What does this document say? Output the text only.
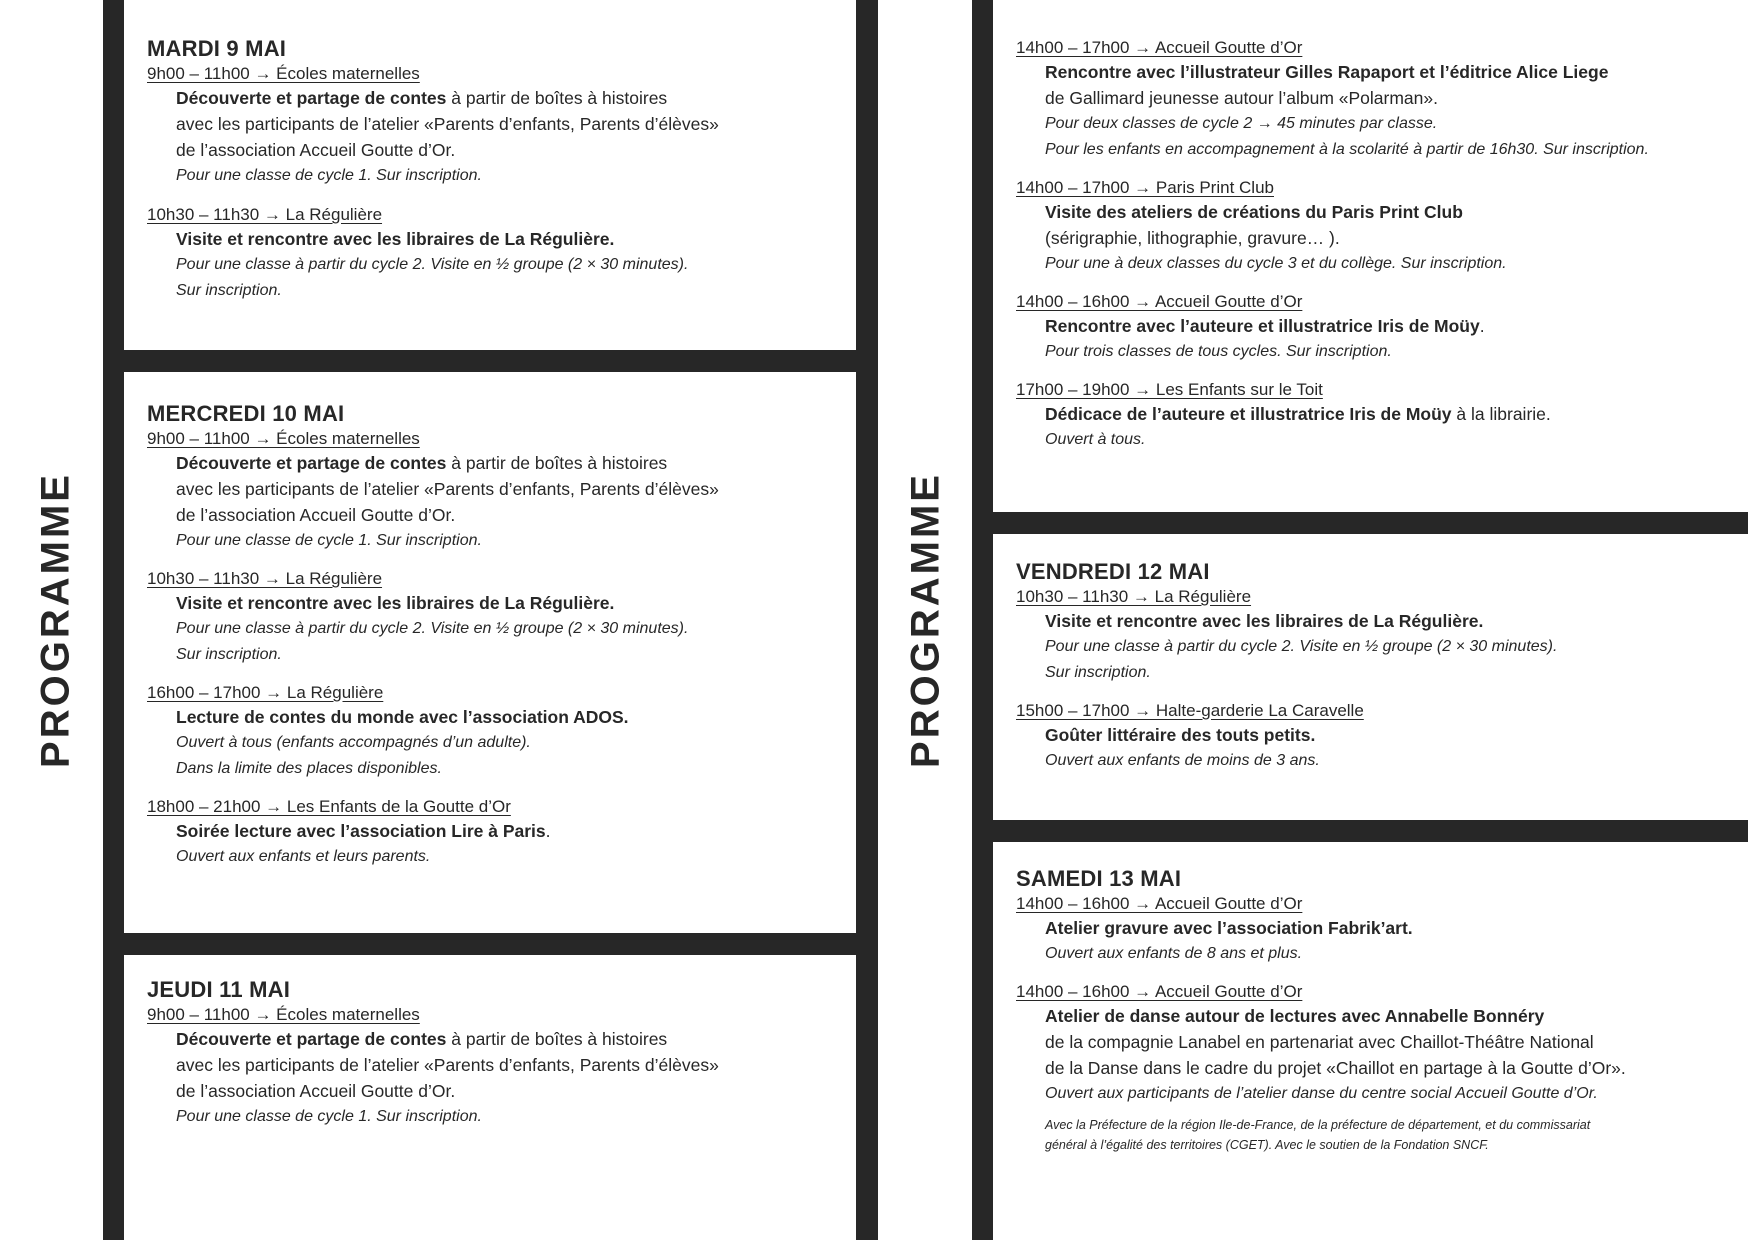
PROGRAMME	PROGRAMME
MARDI 9 MAI
9h00 – 11h00 → Écoles maternelles
Découverte et partage de contes à partir de boîtes à histoires
avec les participants de l’atelier «Parents d’enfants, Parents d’élèves»
de l’association Accueil Goutte d’Or.
Pour une classe de cycle 1. Sur inscription.
10h30 – 11h30 → La Régulière
Visite et rencontre avec les libraires de La Régulière.
Pour une classe à partir du cycle 2. Visite en ½ groupe (2 × 30 minutes).
Sur inscription.
MERCREDI 10 MAI
9h00 – 11h00 → Écoles maternelles
Découverte et partage de contes à partir de boîtes à histoires
avec les participants de l’atelier «Parents d’enfants, Parents d’élèves»
de l’association Accueil Goutte d’Or.
Pour une classe de cycle 1. Sur inscription.
10h30 – 11h30 → La Régulière
Visite et rencontre avec les libraires de La Régulière.
Pour une classe à partir du cycle 2. Visite en ½ groupe (2 × 30 minutes).
Sur inscription.
16h00 – 17h00 → La Régulière
Lecture de contes du monde avec l’association ADOS.
Ouvert à tous (enfants accompagnés d’un adulte).
Dans la limite des places disponibles.
18h00 – 21h00 → Les Enfants de la Goutte d’Or
Soirée lecture avec l’association Lire à Paris.
Ouvert aux enfants et leurs parents.
JEUDI 11 MAI
9h00 – 11h00 → Écoles maternelles
Découverte et partage de contes à partir de boîtes à histoires
avec les participants de l’atelier «Parents d’enfants, Parents d’élèves»
de l’association Accueil Goutte d’Or.
Pour une classe de cycle 1. Sur inscription.
14h00 – 17h00 → Accueil Goutte d’Or
Rencontre avec l’illustrateur Gilles Rapaport et l’éditrice Alice Liege
de Gallimard jeunesse autour l’album «Polarman».
Pour deux classes de cycle 2 → 45 minutes par classe.
Pour les enfants en accompagnement à la scolarité à partir de 16h30. Sur inscription.
14h00 – 17h00 → Paris Print Club
Visite des ateliers de créations du Paris Print Club
(sérigraphie, lithographie, gravure… ).
Pour une à deux classes du cycle 3 et du collège. Sur inscription.
14h00 – 16h00 → Accueil Goutte d’Or
Rencontre avec l’auteure et illustratrice Iris de Moüy.
Pour trois classes de tous cycles. Sur inscription.
17h00 – 19h00 → Les Enfants sur le Toit
Dédicace de l’auteure et illustratrice Iris de Moüy à la librairie.
Ouvert à tous.
VENDREDI 12 MAI
10h30 – 11h30 → La Régulière
Visite et rencontre avec les libraires de La Régulière.
Pour une classe à partir du cycle 2. Visite en ½ groupe (2 × 30 minutes).
Sur inscription.
15h00 – 17h00 → Halte-garderie La Caravelle
Goûter littéraire des touts petits.
Ouvert aux enfants de moins de 3 ans.
SAMEDI 13 MAI
14h00 – 16h00 → Accueil Goutte d’Or
Atelier gravure avec l’association Fabrik’art.
Ouvert aux enfants de 8 ans et plus.
14h00 – 16h00 → Accueil Goutte d’Or
Atelier de danse autour de lectures avec Annabelle Bonnéry
de la compagnie Lanabel en partenariat avec Chaillot-Théâtre National
de la Danse dans le cadre du projet «Chaillot en partage à la Goutte d’Or».
Ouvert aux participants de l’atelier danse du centre social Accueil Goutte d’Or.
Avec la Préfecture de la région Ile-de-France, de la préfecture de département, et du commissariat
général à l’égalité des territoires (CGET). Avec le soutien de la Fondation SNCF.
